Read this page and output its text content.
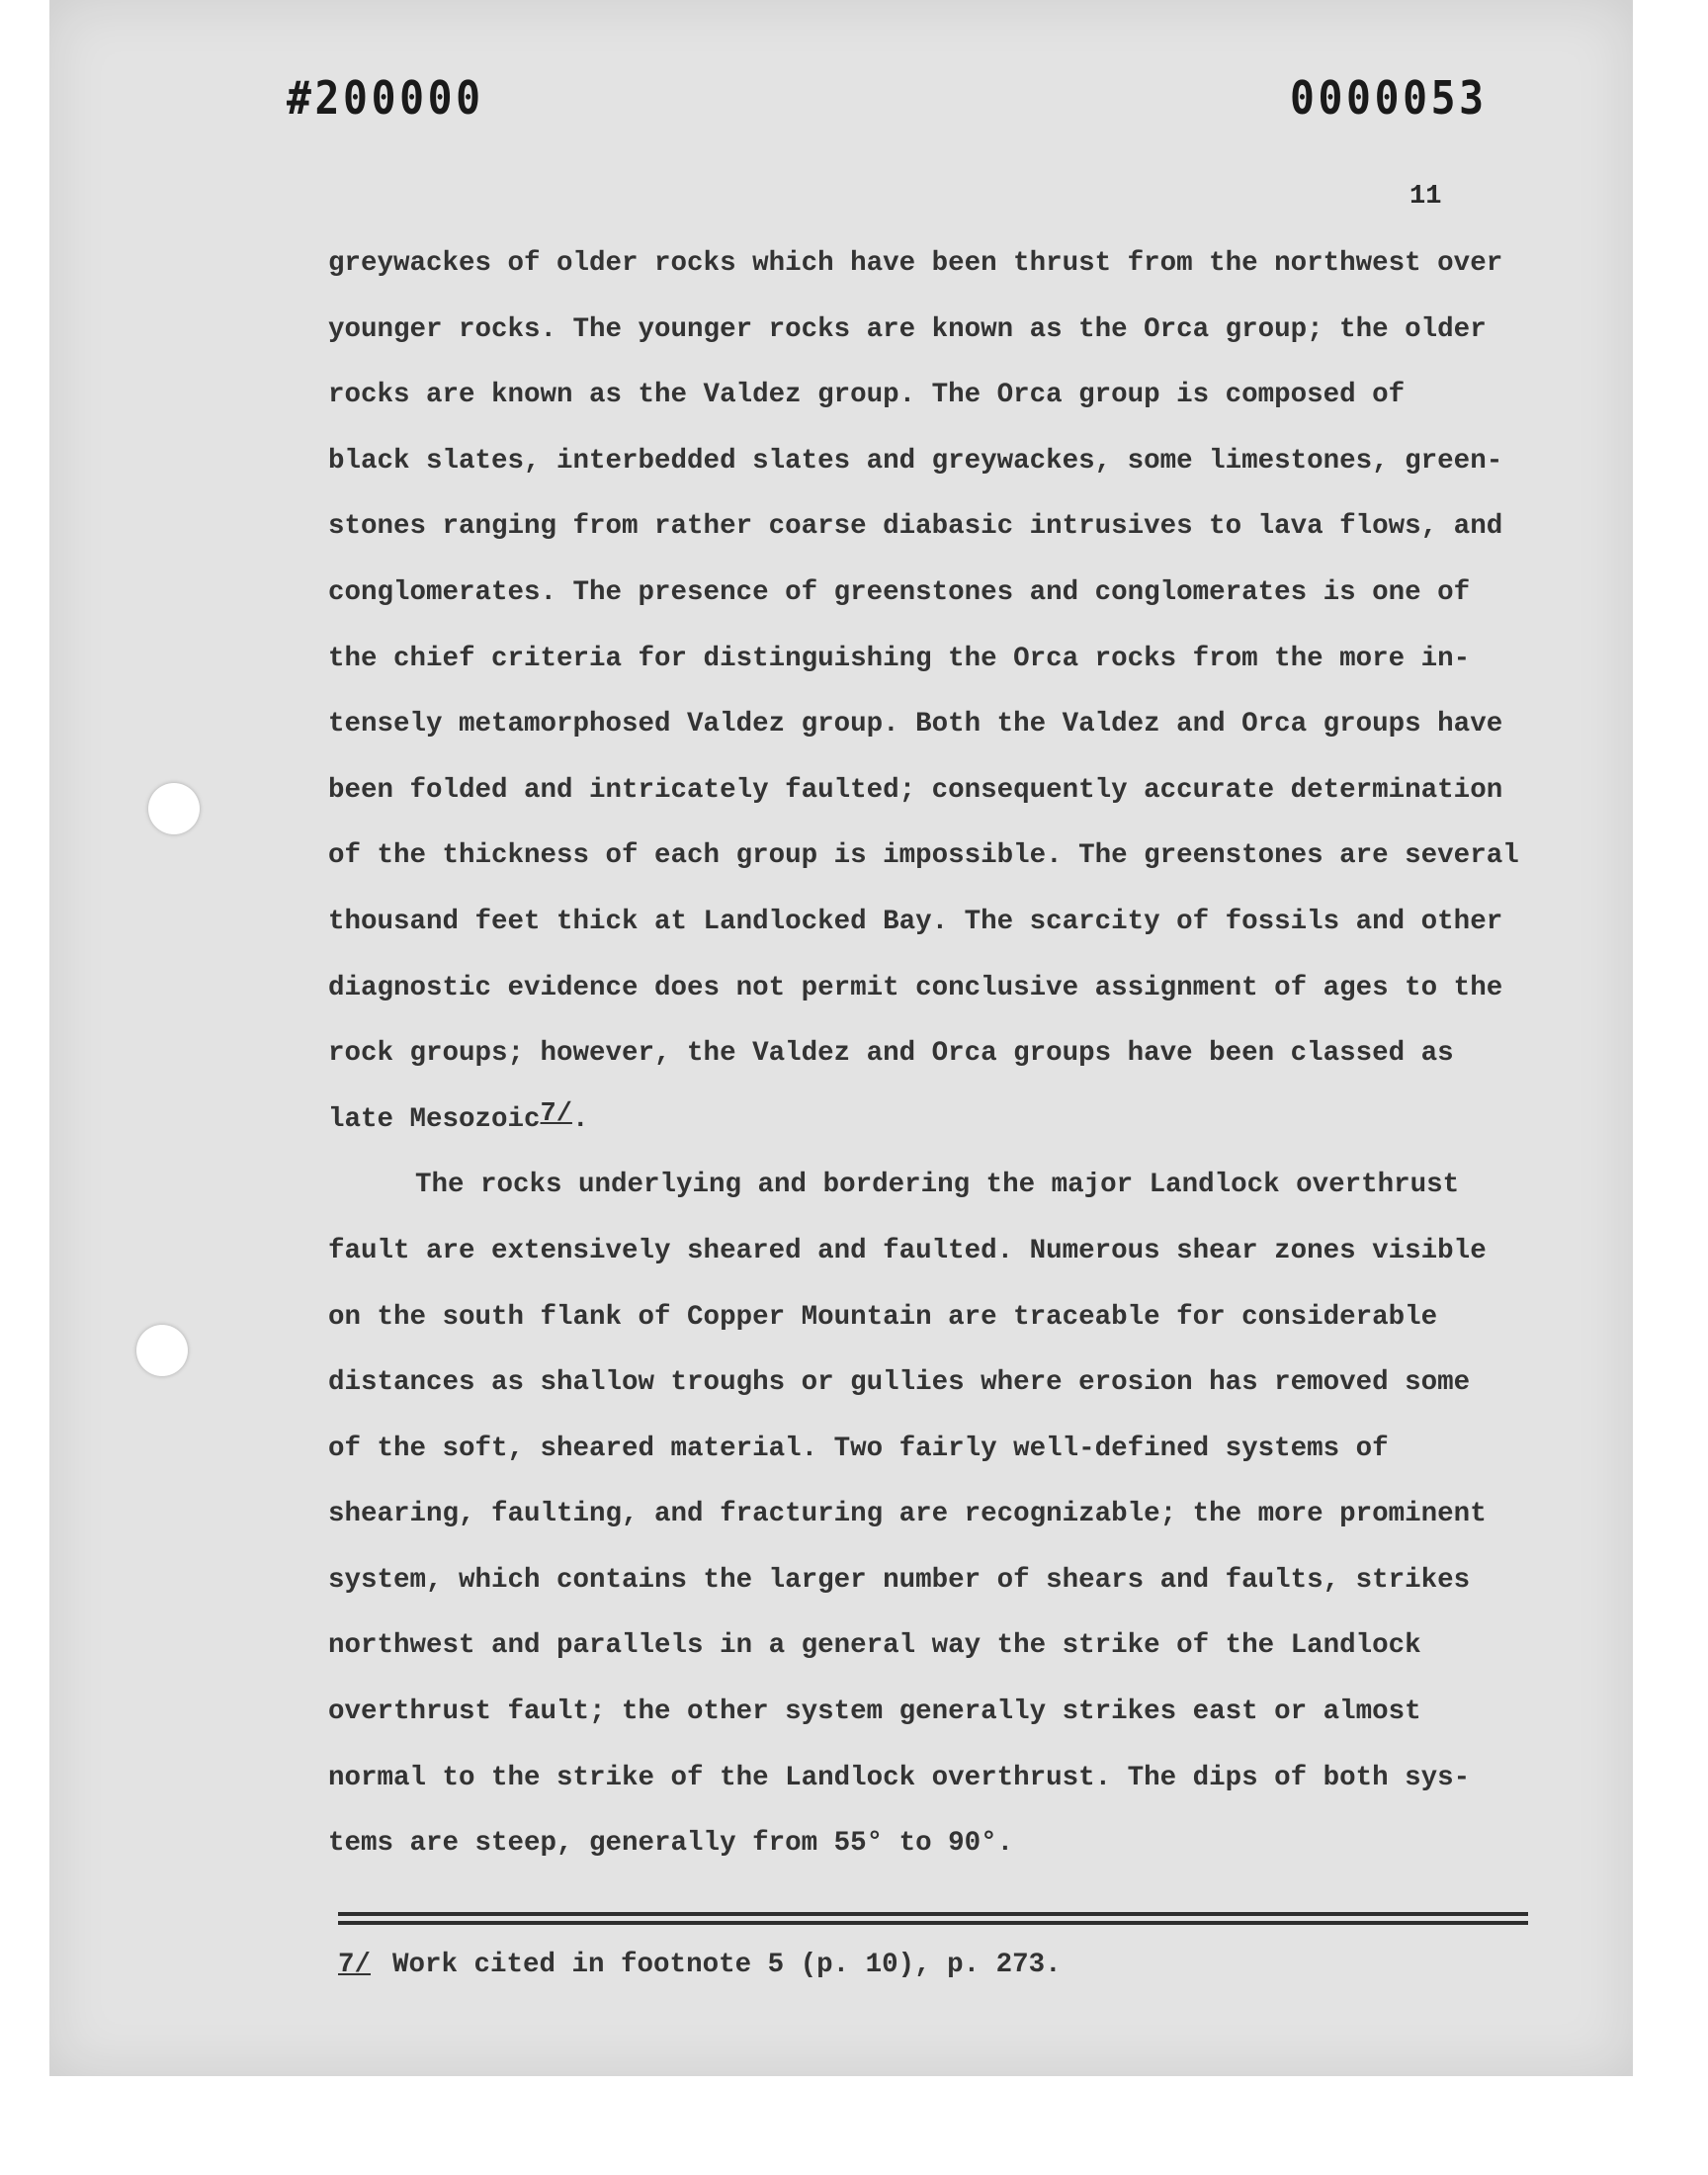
#200000	0000053
11
greywackes of older rocks which have been thrust from the northwest over
younger rocks. The younger rocks are known as the Orca group; the older
rocks are known as the Valdez group. The Orca group is composed of
black slates, interbedded slates and greywackes, some limestones, green-
stones ranging from rather coarse diabasic intrusives to lava flows, and
conglomerates. The presence of greenstones and conglomerates is one of
the chief criteria for distinguishing the Orca rocks from the more in-
tensely metamorphosed Valdez group. Both the Valdez and Orca groups have
been folded and intricately faulted; consequently accurate determination
of the thickness of each group is impossible. The greenstones are several
thousand feet thick at Landlocked Bay. The scarcity of fossils and other
diagnostic evidence does not permit conclusive assignment of ages to the
rock groups; however, the Valdez and Orca groups have been classed as
late Mesozoic7/.
The rocks underlying and bordering the major Landlock overthrust
fault are extensively sheared and faulted. Numerous shear zones visible
on the south flank of Copper Mountain are traceable for considerable
distances as shallow troughs or gullies where erosion has removed some
of the soft, sheared material. Two fairly well-defined systems of
shearing, faulting, and fracturing are recognizable; the more prominent
system, which contains the larger number of shears and faults, strikes
northwest and parallels in a general way the strike of the Landlock
overthrust fault; the other system generally strikes east or almost
normal to the strike of the Landlock overthrust. The dips of both sys-
tems are steep, generally from 55° to 90°.
7/ Work cited in footnote 5 (p. 10), p. 273.
